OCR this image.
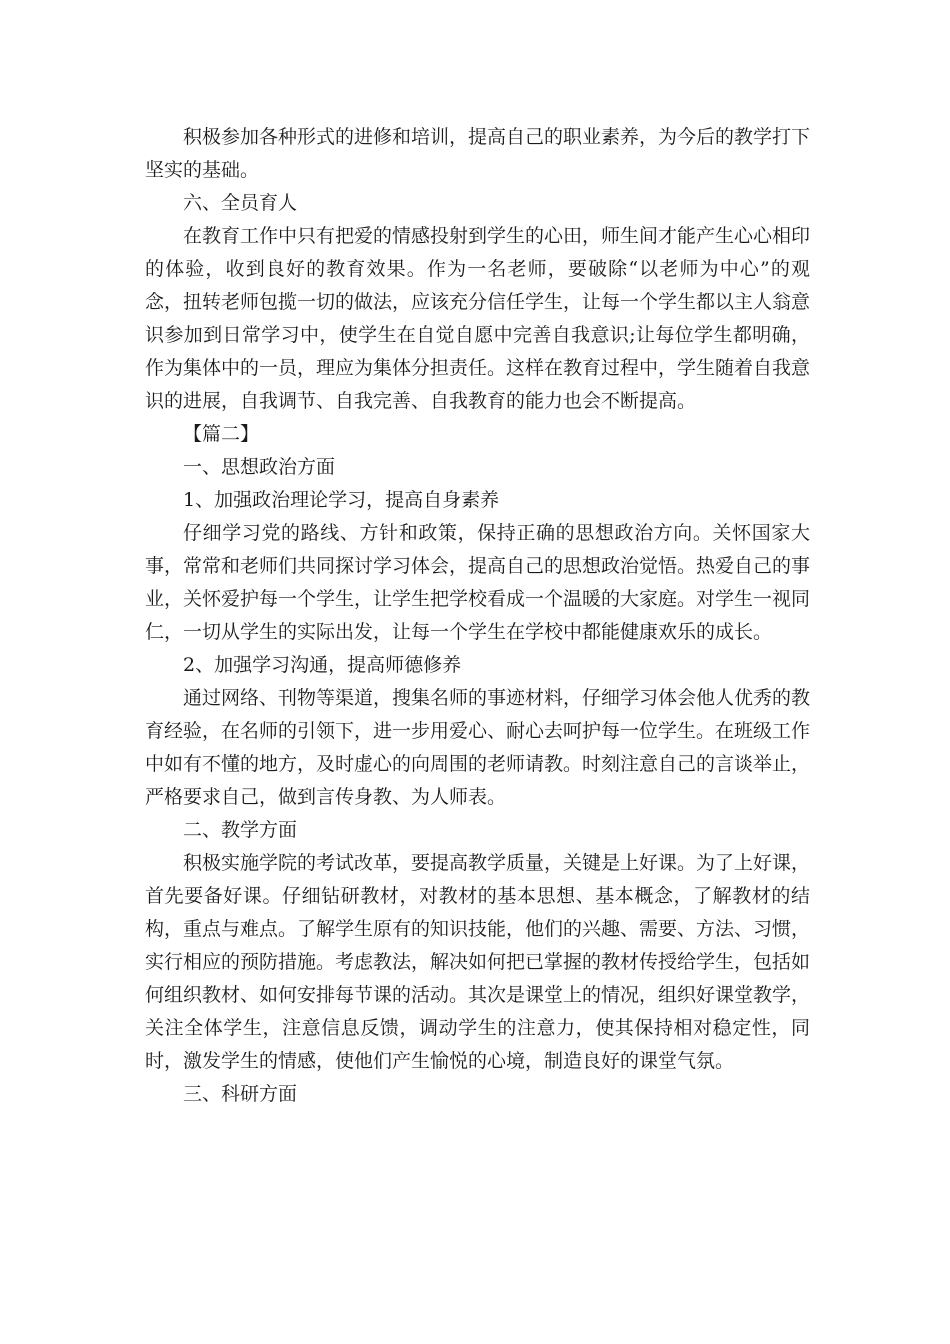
积极参加各种形式的进修和培训，提高自己的职业素养，为今后的教学打下坚实的基础。

六、全员育人

在教育工作中只有把爱的情感投射到学生的心田，师生间才能产生心心相印的体验，收到良好的教育效果。作为一名老师，要破除“以老师为中心”的观念，扭转老师包揽一切的做法，应该充分信任学生，让每一个学生都以主人翁意识参加到日常学习中，使学生在自觉自愿中完善自我意识;让每位学生都明确，作为集体中的一员，理应为集体分担责任。这样在教育过程中，学生随着自我意识的进展，自我调节、自我完善、自我教育的能力也会不断提高。

【篇二】

一、思想政治方面

1、加强政治理论学习，提高自身素养

仔细学习党的路线、方针和政策，保持正确的思想政治方向。关怀国家大事，常常和老师们共同探讨学习体会，提高自己的思想政治觉悟。热爱自己的事业，关怀爱护每一个学生，让学生把学校看成一个温暖的大家庭。对学生一视同仁，一切从学生的实际出发，让每一个学生在学校中都能健康欢乐的成长。

2、加强学习沟通，提高师德修养

通过网络、刊物等渠道，搜集名师的事迹材料，仔细学习体会他人优秀的教育经验，在名师的引领下，进一步用爱心、耐心去呵护每一位学生。在班级工作中如有不懂的地方，及时虚心的向周围的老师请教。时刻注意自己的言谈举止，严格要求自己，做到言传身教、为人师表。

二、教学方面

积极实施学院的考试改革，要提高教学质量，关键是上好课。为了上好课，首先要备好课。仔细钻研教材，对教材的基本思想、基本概念，了解教材的结构，重点与难点。了解学生原有的知识技能，他们的兴趣、需要、方法、习惯，实行相应的预防措施。考虑教法，解决如何把已掌握的教材传授给学生，包括如何组织教材、如何安排每节课的活动。其次是课堂上的情况，组织好课堂教学，关注全体学生，注意信息反馈，调动学生的注意力，使其保持相对稳定性，同时，激发学生的情感，使他们产生愉悦的心境，制造良好的课堂气氛。

三、科研方面
